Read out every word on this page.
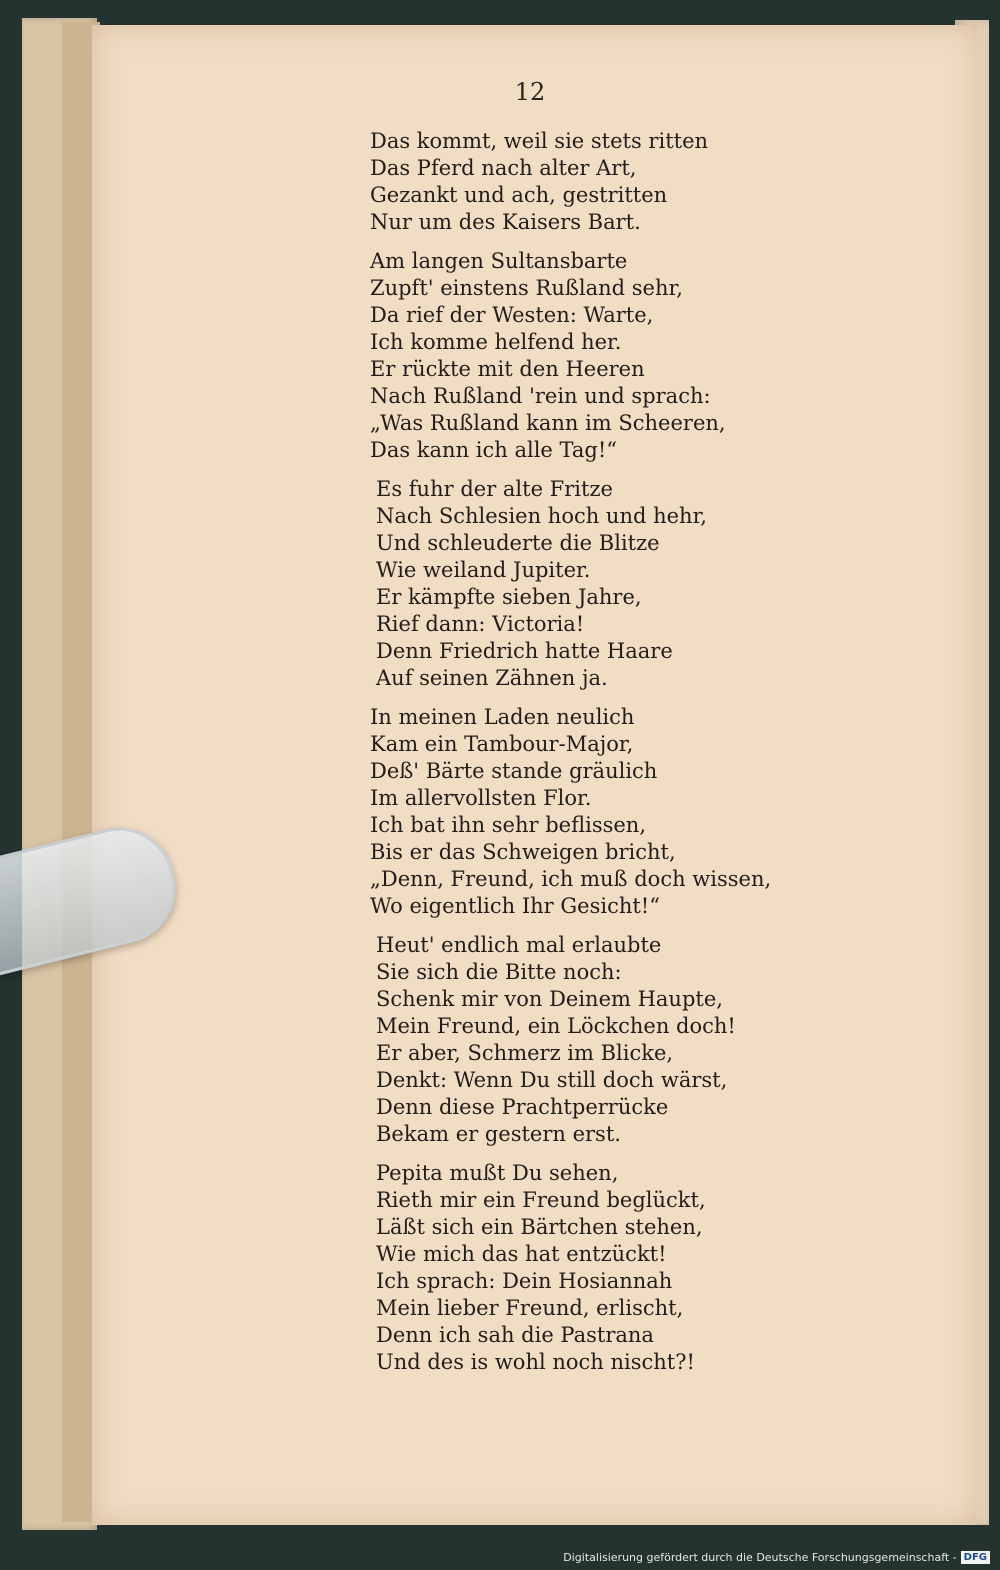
12
Das kommt, weil sie stets ritten
Das Pferd nach alter Art,
Gezankt und ach, gestritten
Nur um des Kaisers Bart.
Am langen Sultansbarte
Zupft' einstens Rußland sehr,
Da rief der Westen: Warte,
Ich komme helfend her.
Er rückte mit den Heeren
Nach Rußland 'rein und sprach:
„Was Rußland kann im Scheeren,
Das kann ich alle Tag!“
Es fuhr der alte Fritze
Nach Schlesien hoch und hehr,
Und schleuderte die Blitze
Wie weiland Jupiter.
Er kämpfte sieben Jahre,
Rief dann: Victoria!
Denn Friedrich hatte Haare
Auf seinen Zähnen ja.
In meinen Laden neulich
Kam ein Tambour-Major,
Deß' Bärte stande gräulich
Im allervollsten Flor.
Ich bat ihn sehr beflissen,
Bis er das Schweigen bricht,
„Denn, Freund, ich muß doch wissen,
Wo eigentlich Ihr Gesicht!“
Heut' endlich mal erlaubte
Sie sich die Bitte noch:
Schenk mir von Deinem Haupte,
Mein Freund, ein Löckchen doch!
Er aber, Schmerz im Blicke,
Denkt: Wenn Du still doch wärst,
Denn diese Prachtperrücke
Bekam er gestern erst.
Pepita mußt Du sehen,
Rieth mir ein Freund beglückt,
Läßt sich ein Bärtchen stehen,
Wie mich das hat entzückt!
Ich sprach: Dein Hosiannah
Mein lieber Freund, erlischt,
Denn ich sah die Pastrana
Und des is wohl noch nischt?!
Digitalisierung gefördert durch die Deutsche Forschungsgemeinschaft - DFG
